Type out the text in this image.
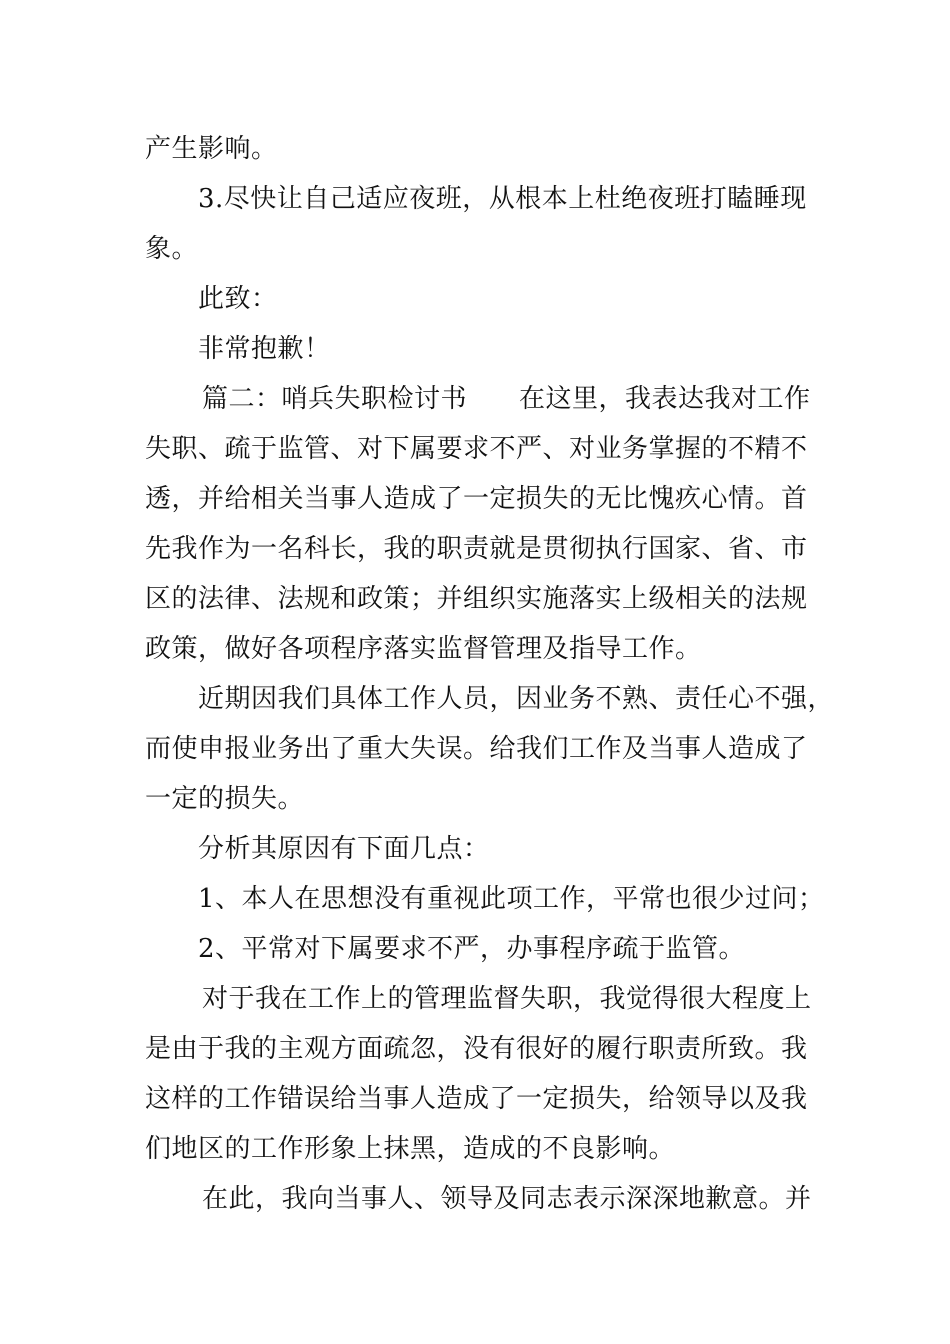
产生影响。
3.尽快让自己适应夜班，从根本上杜绝夜班打瞌睡现
象。
此致：
非常抱歉！
篇二：哨兵失职检讨书 在这里，我表达我对工作
失职、疏于监管、对下属要求不严、对业务掌握的不精不
透，并给相关当事人造成了一定损失的无比愧疚心情。首
先我作为一名科长，我的职责就是贯彻执行国家、省、市
区的法律、法规和政策；并组织实施落实上级相关的法规
政策，做好各项程序落实监督管理及指导工作。
近期因我们具体工作人员，因业务不熟、责任心不强，
而使申报业务出了重大失误。给我们工作及当事人造成了
一定的损失。
分析其原因有下面几点：
1、本人在思想没有重视此项工作，平常也很少过问；
2、平常对下属要求不严，办事程序疏于监管。
对于我在工作上的管理监督失职，我觉得很大程度上
是由于我的主观方面疏忽，没有很好的履行职责所致。我
这样的工作错误给当事人造成了一定损失，给领导以及我
们地区的工作形象上抹黑，造成的不良影响。
在此，我向当事人、领导及同志表示深深地歉意。并
